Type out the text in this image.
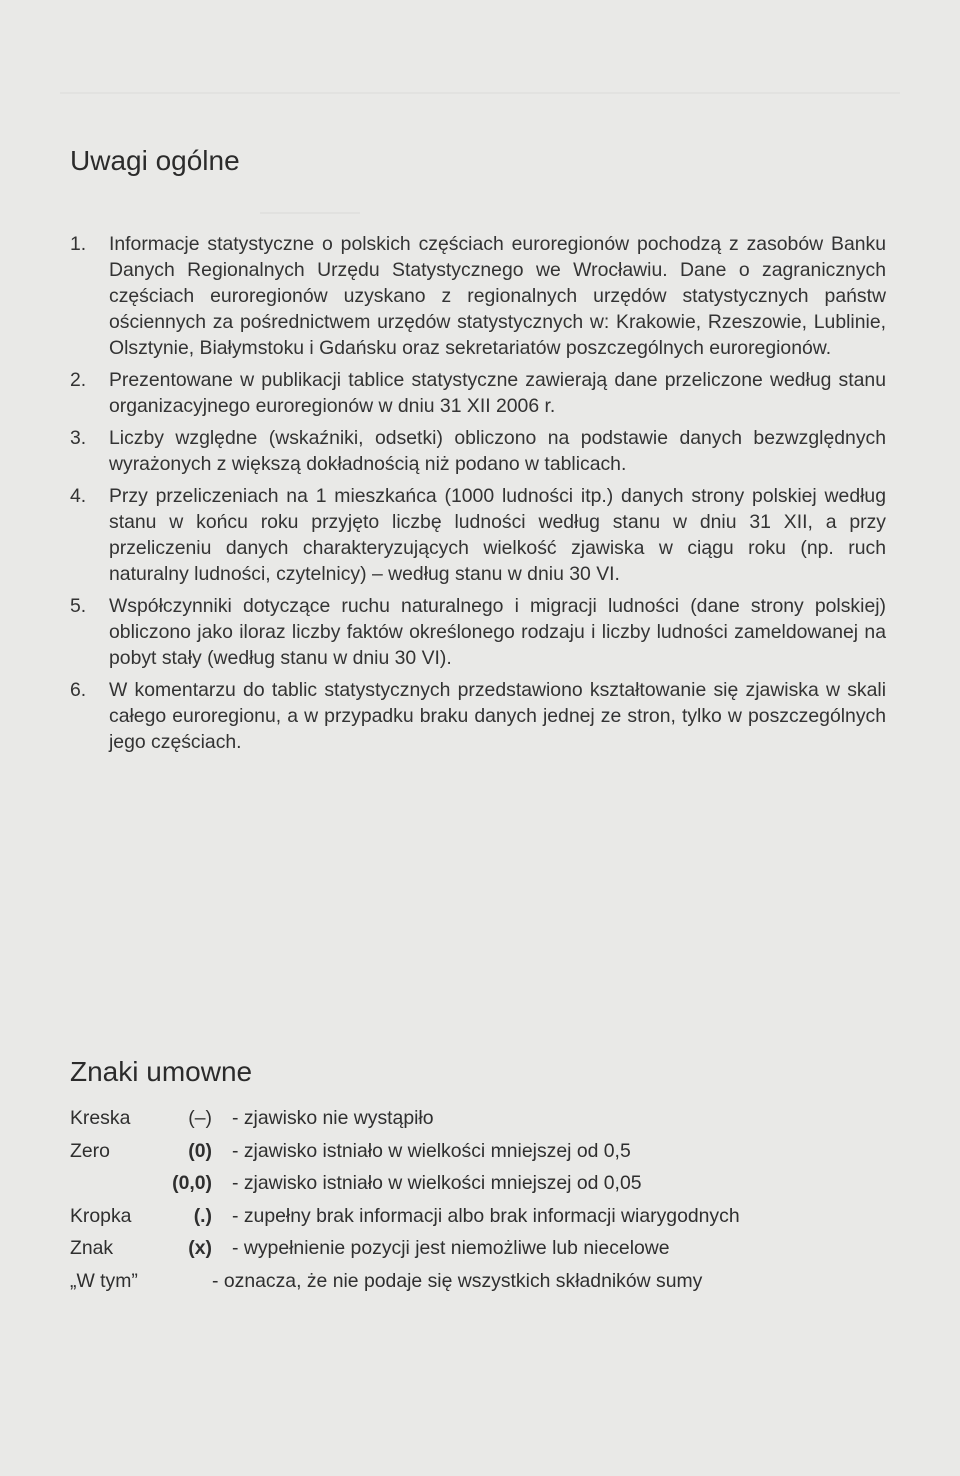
Uwagi ogólne
1.	Informacje statystyczne o polskich częściach euroregionów pochodzą z zasobów Banku Danych Regionalnych Urzędu Statystycznego we Wrocławiu. Dane o zagranicznych częściach euroregionów uzyskano z regionalnych urzędów statystycznych państw ościennych za pośrednictwem urzędów statystycznych w: Krakowie, Rzeszowie, Lublinie, Olsztynie, Białymstoku i Gdańsku oraz sekretariatów poszczególnych euroregionów.
2.	Prezentowane w publikacji tablice statystyczne zawierają dane przeliczone według stanu organizacyjnego euroregionów w dniu 31 XII 2006 r.
3.	Liczby względne (wskaźniki, odsetki) obliczono na podstawie danych bezwzględnych wyrażonych z większą dokładnością niż podano w tablicach.
4.	Przy przeliczeniach na 1 mieszkańca (1000 ludności itp.) danych strony polskiej według stanu w końcu roku przyjęto liczbę ludności według stanu w dniu 31 XII, a przy przeliczeniu danych charakteryzujących wielkość zjawiska w ciągu roku (np. ruch naturalny ludności, czytelnicy) – według stanu w dniu 30 VI.
5.	Współczynniki dotyczące ruchu naturalnego i migracji ludności (dane strony polskiej) obliczono jako iloraz liczby faktów określonego rodzaju i liczby ludności zameldowanej na pobyt stały (według stanu w dniu 30 VI).
6.	W komentarzu do tablic statystycznych przedstawiono kształtowanie się zjawiska w skali całego euroregionu, a w przypadku braku danych jednej ze stron, tylko w poszczególnych jego częściach.
Znaki umowne
Kreska	(–) - zjawisko nie wystąpiło
Zero	(0) - zjawisko istniało w wielkości mniejszej od 0,5
(0,0) - zjawisko istniało w wielkości mniejszej od 0,05
Kropka	(.) - zupełny brak informacji albo brak informacji wiarygodnych
Znak	(x) - wypełnienie pozycji jest niemożliwe lub niecelowe
„W tym”	- oznacza, że nie podaje się wszystkich składników sumy
